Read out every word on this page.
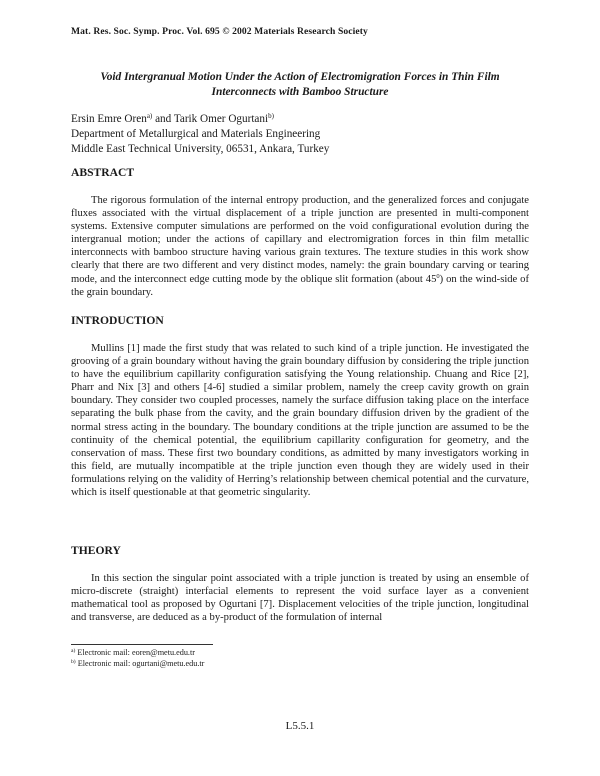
Mat. Res. Soc. Symp. Proc. Vol. 695 © 2002 Materials Research Society
Void Intergranual Motion Under the Action of Electromigration Forces in Thin Film
Interconnects with Bamboo Structure
Ersin Emre Oren$^{a)}$ and Tarik Omer Ogurtani$^{b)}$
Department of Metallurgical and Materials Engineering
Middle East Technical University, 06531, Ankara, Turkey
ABSTRACT

The rigorous formulation of the internal entropy production, and the generalized forces and conjugate fluxes associated with the virtual displacement of a triple junction are presented in multi-component systems. Extensive computer simulations are performed on the void configurational evolution during the intergranual motion; under the actions of capillary and electromigration forces in thin film metallic interconnects with bamboo structure having various grain textures. The texture studies in this work show clearly that there are two different and very distinct modes, namely: the grain boundary carving or tearing mode, and the interconnect edge cutting mode by the oblique slit formation (about $45^0$) on the wind-side of the grain boundary.

INTRODUCTION

Mullins [1] made the first study that was related to such kind of a triple junction. He investigated the grooving of a grain boundary without having the grain boundary diffusion by considering the triple junction to have the equilibrium capillarity configuration satisfying the Young relationship. Chuang and Rice [2], Pharr and Nix [3] and others [4-6] studied a similar problem, namely the creep cavity growth on grain boundary. They consider two coupled processes, namely the surface diffusion taking place on the interface separating the bulk phase from the cavity, and the grain boundary diffusion driven by the gradient of the normal stress acting in the boundary. The boundary conditions at the triple junction are assumed to be the continuity of the chemical potential, the equilibrium capillarity configuration for geometry, and the conservation of mass. These first two boundary conditions, as admitted by many investigators working in this field, are mutually incompatible at the triple junction even though they are widely used in their formulations relying on the validity of Herring’s relationship between chemical potential and the curvature, which is itself questionable at that geometric singularity.

THEORY

In this section the singular point associated with a triple junction is treated by using an ensemble of micro-discrete (straight) interfacial elements to represent the void surface layer as a convenient mathematical tool as proposed by Ogurtani [7]. Displacement velocities of the triple junction, longitudinal and transverse, are deduced as a by-product of the formulation of internal

$^{a)}$ Electronic mail: eoren@metu.edu.tr
$^{b)}$ Electronic mail: ogurtani@metu.edu.tr
L5.5.1
